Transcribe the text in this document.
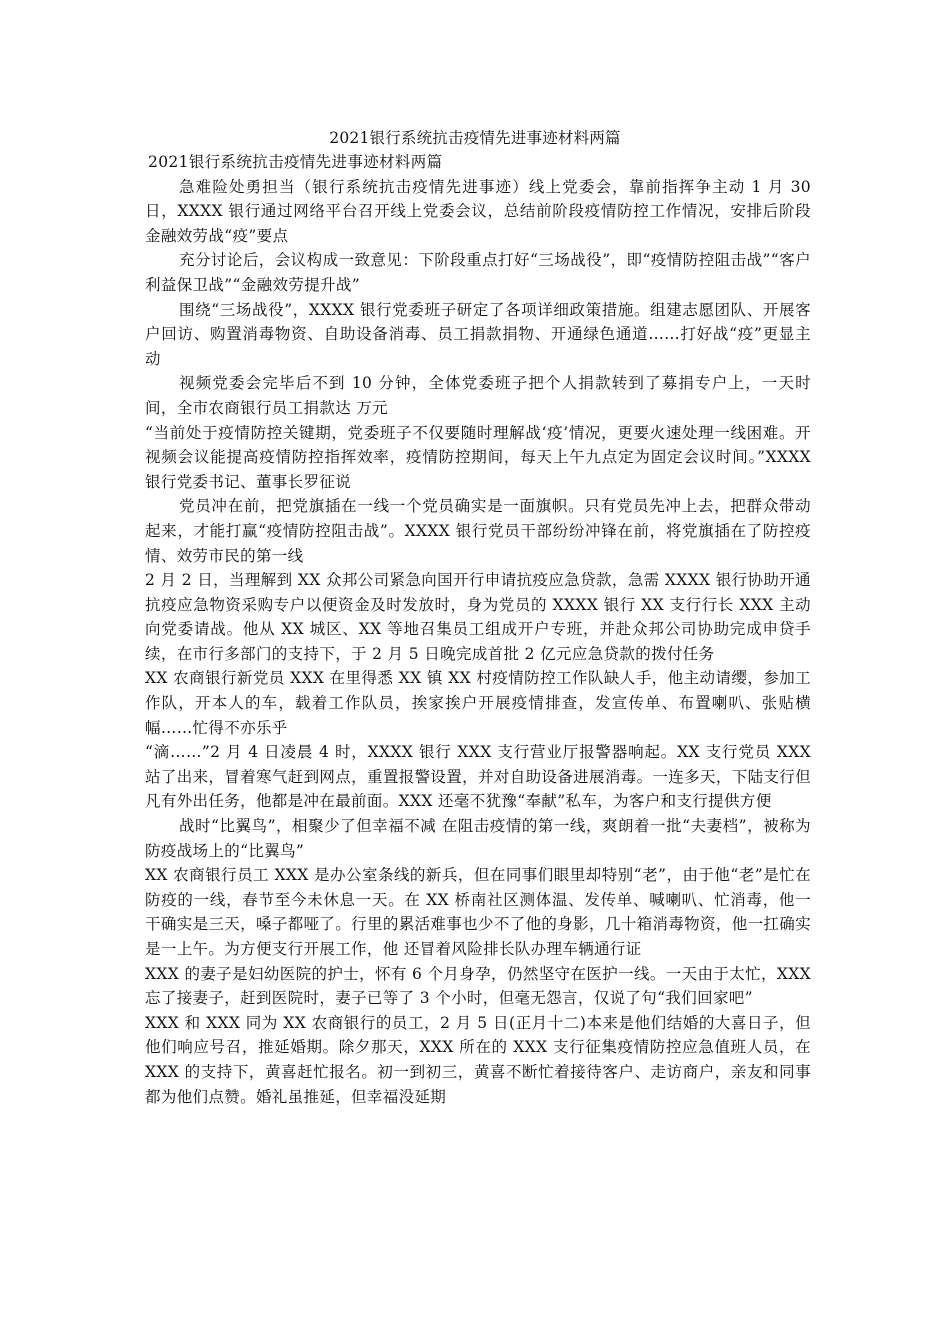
2021银行系统抗击疫情先进事迹材料两篇

2021银行系统抗击疫情先进事迹材料两篇

急难险处勇担当（银行系统抗击疫情先进事迹）线上党委会，靠前指挥争主动 1 月 30 日，XXXX 银行通过网络平台召开线上党委会议，总结前阶段疫情防控工作情况，安排后阶段金融效劳战“疫”要点

充分讨论后，会议构成一致意见：下阶段重点打好“三场战役”，即“疫情防控阻击战”“客户利益保卫战”“金融效劳提升战”

围绕“三场战役”，XXXX 银行党委班子研定了各项详细政策措施。组建志愿团队、开展客户回访、购置消毒物资、自助设备消毒、员工捐款捐物、开通绿色通道……打好战“疫”更显主动

视频党委会完毕后不到 10 分钟，全体党委班子把个人捐款转到了募捐专户上，一天时间，全市农商银行员工捐款达 万元

“当前处于疫情防控关键期，党委班子不仅要随时理解战‘疫’情况，更要火速处理一线困难。开视频会议能提高疫情防控指挥效率，疫情防控期间，每天上午九点定为固定会议时间。”XXXX 银行党委书记、董事长罗征说

党员冲在前，把党旗插在一线一个党员确实是一面旗帜。只有党员先冲上去，把群众带动起来，才能打赢“疫情防控阻击战”。XXXX 银行党员干部纷纷冲锋在前，将党旗插在了防控疫情、效劳市民的第一线

2 月 2 日，当理解到 XX 众邦公司紧急向国开行申请抗疫应急贷款，急需 XXXX 银行协助开通抗疫应急物资采购专户以便资金及时发放时，身为党员的 XXXX 银行 XX 支行行长 XXX 主动向党委请战。他从 XX 城区、XX 等地召集员工组成开户专班，并赴众邦公司协助完成申贷手续，在市行多部门的支持下，于 2 月 5 日晚完成首批 2 亿元应急贷款的拨付任务

XX 农商银行新党员 XXX 在里得悉 XX 镇 XX 村疫情防控工作队缺人手，他主动请缨，参加工作队，开本人的车，载着工作队员，挨家挨户开展疫情排查，发宣传单、布置喇叭、张贴横幅……忙得不亦乐乎

“滴……”2 月 4 日凌晨 4 时，XXXX 银行 XXX 支行营业厅报警器响起。XX 支行党员 XXX 站了出来，冒着寒气赶到网点，重置报警设置，并对自助设备进展消毒。一连多天，下陆支行但凡有外出任务，他都是冲在最前面。XXX 还毫不犹豫“奉献”私车，为客户和支行提供方便

战时“比翼鸟”，相聚少了但幸福不减 在阻击疫情的第一线，爽朗着一批“夫妻档”，被称为防疫战场上的“比翼鸟”

XX 农商银行员工 XXX 是办公室条线的新兵，但在同事们眼里却特别“老”，由于他“老”是忙在防疫的一线，春节至今未休息一天。在 XX 桥南社区测体温、发传单、喊喇叭、忙消毒，他一干确实是三天，嗓子都哑了。行里的累活难事也少不了他的身影，几十箱消毒物资，他一扛确实是一上午。为方便支行开展工作，他 还冒着风险排长队办理车辆通行证

XXX 的妻子是妇幼医院的护士，怀有 6 个月身孕，仍然坚守在医护一线。一天由于太忙，XXX 忘了接妻子，赶到医院时，妻子已等了 3 个小时，但毫无怨言，仅说了句“我们回家吧”

XXX 和 XXX 同为 XX 农商银行的员工，2 月 5 日(正月十二)本来是他们结婚的大喜日子，但他们响应号召，推延婚期。除夕那天，XXX 所在的 XXX 支行征集疫情防控应急值班人员，在 XXX 的支持下，黄喜赶忙报名。初一到初三，黄喜不断忙着接待客户、走访商户，亲友和同事都为他们点赞。婚礼虽推延，但幸福没延期
